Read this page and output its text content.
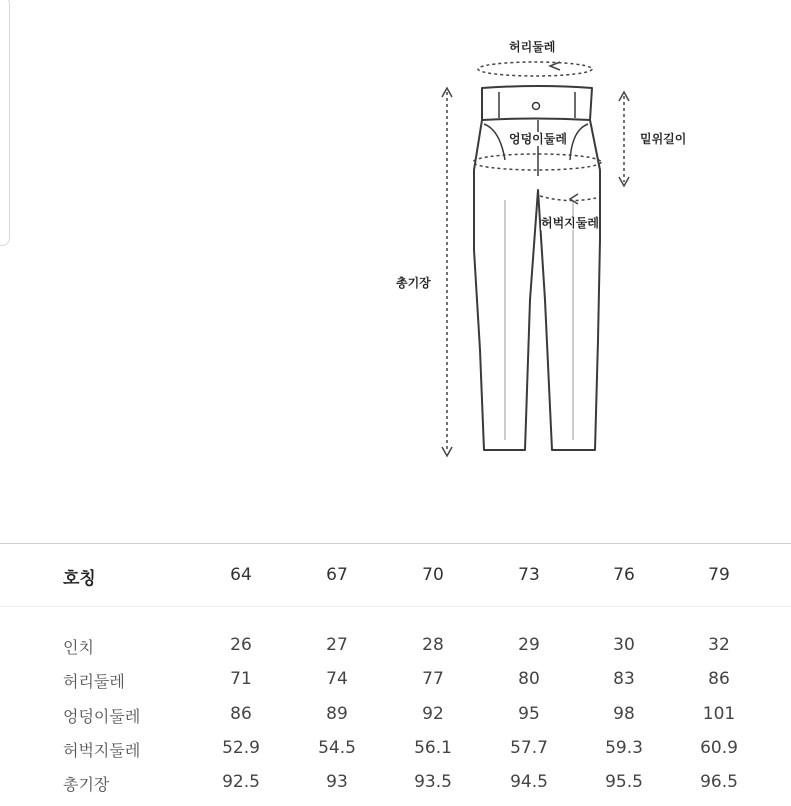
허리둘레
엉덩이둘레	밑위길이
허벅지둘레
총기장
호칭	64	67	70	73	76	79
인치	26	27	28	29	30	32
허리둘레	71	74	77	80	83	86
엉덩이둘레	86	89	92	95	98	101
허벅지둘레	52.9	54.5	56.1	57.7	59.3	60.9
총기장	92.5	93	93.5	94.5	95.5	96.5
